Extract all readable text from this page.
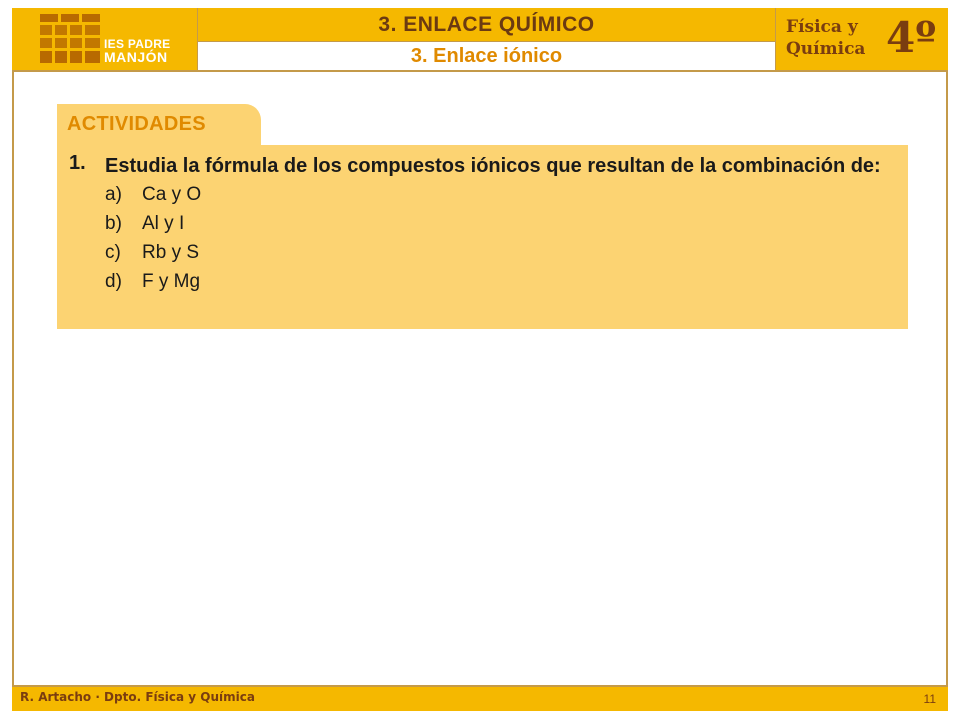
IES PADRE
MANJÓN
3. ENLACE QUÍMICO
3. Enlace iónico
Física y
Química 4º
ACTIVIDADES
1. Estudia la fórmula de los compuestos iónicos que resultan de la combinación de:
a)	Ca y O
b)	Al y I
c)	Rb y S
d)	F y Mg
R. Artacho · Dpto. Física y Química	11
